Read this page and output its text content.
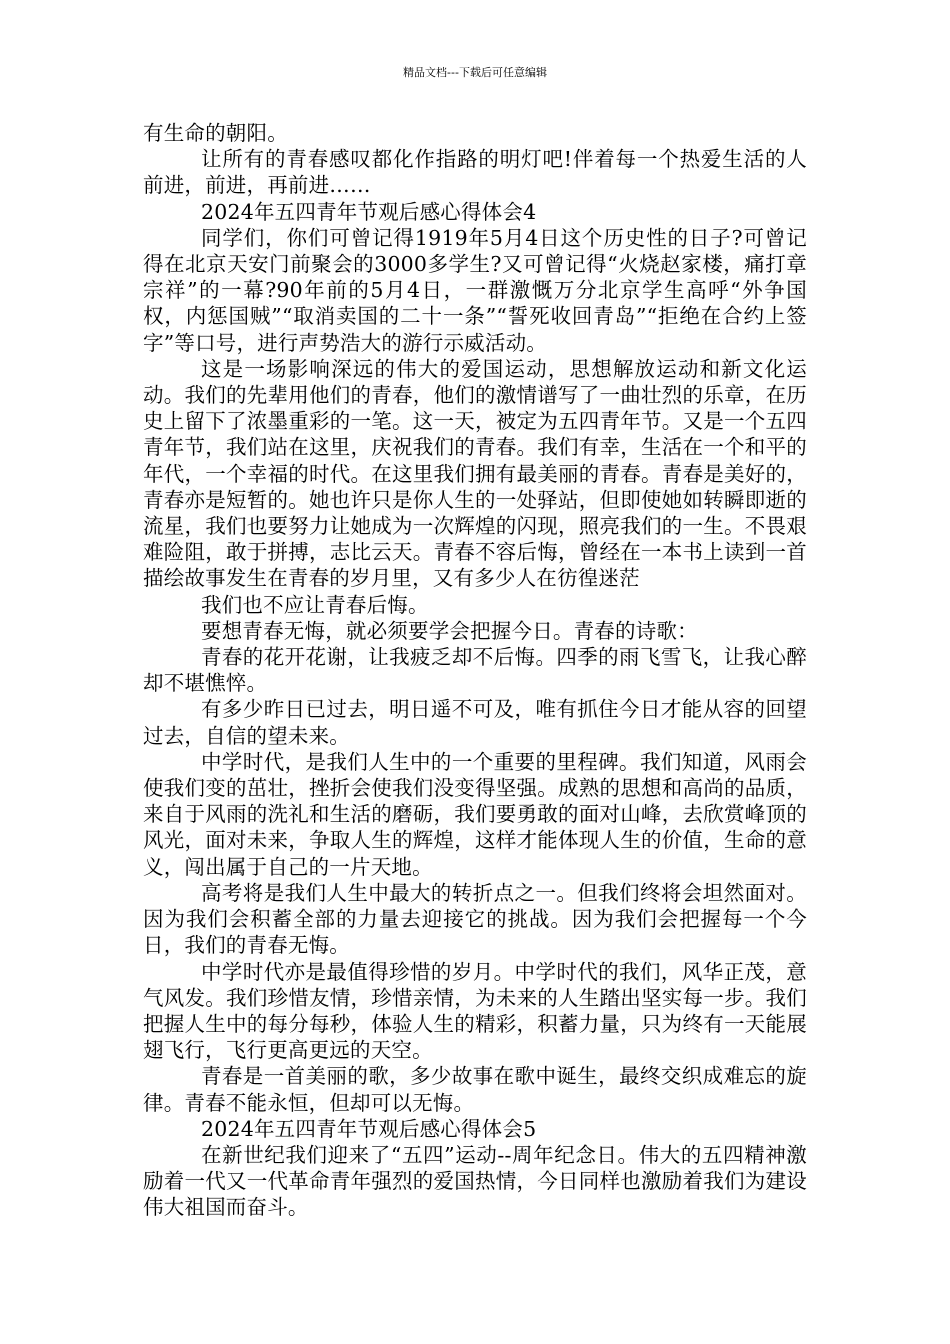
精品文档---下载后可任意编辑

有生命的朝阳。

让所有的青春感叹都化作指路的明灯吧!伴着每一个热爱生活的人前进，前进，再前进……

2024年五四青年节观后感心得体会4

同学们，你们可曾记得1919年5月4日这个历史性的日子?可曾记得在北京天安门前聚会的3000多学生?又可曾记得“火烧赵家楼，痛打章宗祥”的一幕?90年前的5月4日，一群激慨万分北京学生高呼“外争国权，内惩国贼”“取消卖国的二十一条”“誓死收回青岛”“拒绝在合约上签字”等口号，进行声势浩大的游行示威活动。

这是一场影响深远的伟大的爱国运动，思想解放运动和新文化运动。我们的先辈用他们的青春，他们的激情谱写了一曲壮烈的乐章，在历史上留下了浓墨重彩的一笔。这一天，被定为五四青年节。又是一个五四青年节，我们站在这里，庆祝我们的青春。我们有幸，生活在一个和平的年代，一个幸福的时代。在这里我们拥有最美丽的青春。青春是美好的，青春亦是短暂的。她也许只是你人生的一处驿站，但即使她如转瞬即逝的流星，我们也要努力让她成为一次辉煌的闪现，照亮我们的一生。不畏艰难险阻，敢于拼搏，志比云天。青春不容后悔，曾经在一本书上读到一首描绘故事发生在青春的岁月里，又有多少人在彷徨迷茫

我们也不应让青春后悔。

要想青春无悔，就必须要学会把握今日。青春的诗歌：

青春的花开花谢，让我疲乏却不后悔。四季的雨飞雪飞，让我心醉却不堪憔悴。

有多少昨日已过去，明日遥不可及，唯有抓住今日才能从容的回望过去，自信的望未来。

中学时代，是我们人生中的一个重要的里程碑。我们知道，风雨会使我们变的茁壮，挫折会使我们没变得坚强。成熟的思想和高尚的品质，来自于风雨的洗礼和生活的磨砺，我们要勇敢的面对山峰，去欣赏峰顶的风光，面对未来，争取人生的辉煌，这样才能体现人生的价值，生命的意义，闯出属于自己的一片天地。

高考将是我们人生中最大的转折点之一。但我们终将会坦然面对。因为我们会积蓄全部的力量去迎接它的挑战。因为我们会把握每一个今日，我们的青春无悔。

中学时代亦是最值得珍惜的岁月。中学时代的我们，风华正茂，意气风发。我们珍惜友情，珍惜亲情，为未来的人生踏出坚实每一步。我们把握人生中的每分每秒，体验人生的精彩，积蓄力量，只为终有一天能展翅飞行，飞行更高更远的天空。

青春是一首美丽的歌，多少故事在歌中诞生，最终交织成难忘的旋律。青春不能永恒，但却可以无悔。

2024年五四青年节观后感心得体会5

在新世纪我们迎来了“五四”运动--周年纪念日。伟大的五四精神激励着一代又一代革命青年强烈的爱国热情，今日同样也激励着我们为建设伟大祖国而奋斗。
